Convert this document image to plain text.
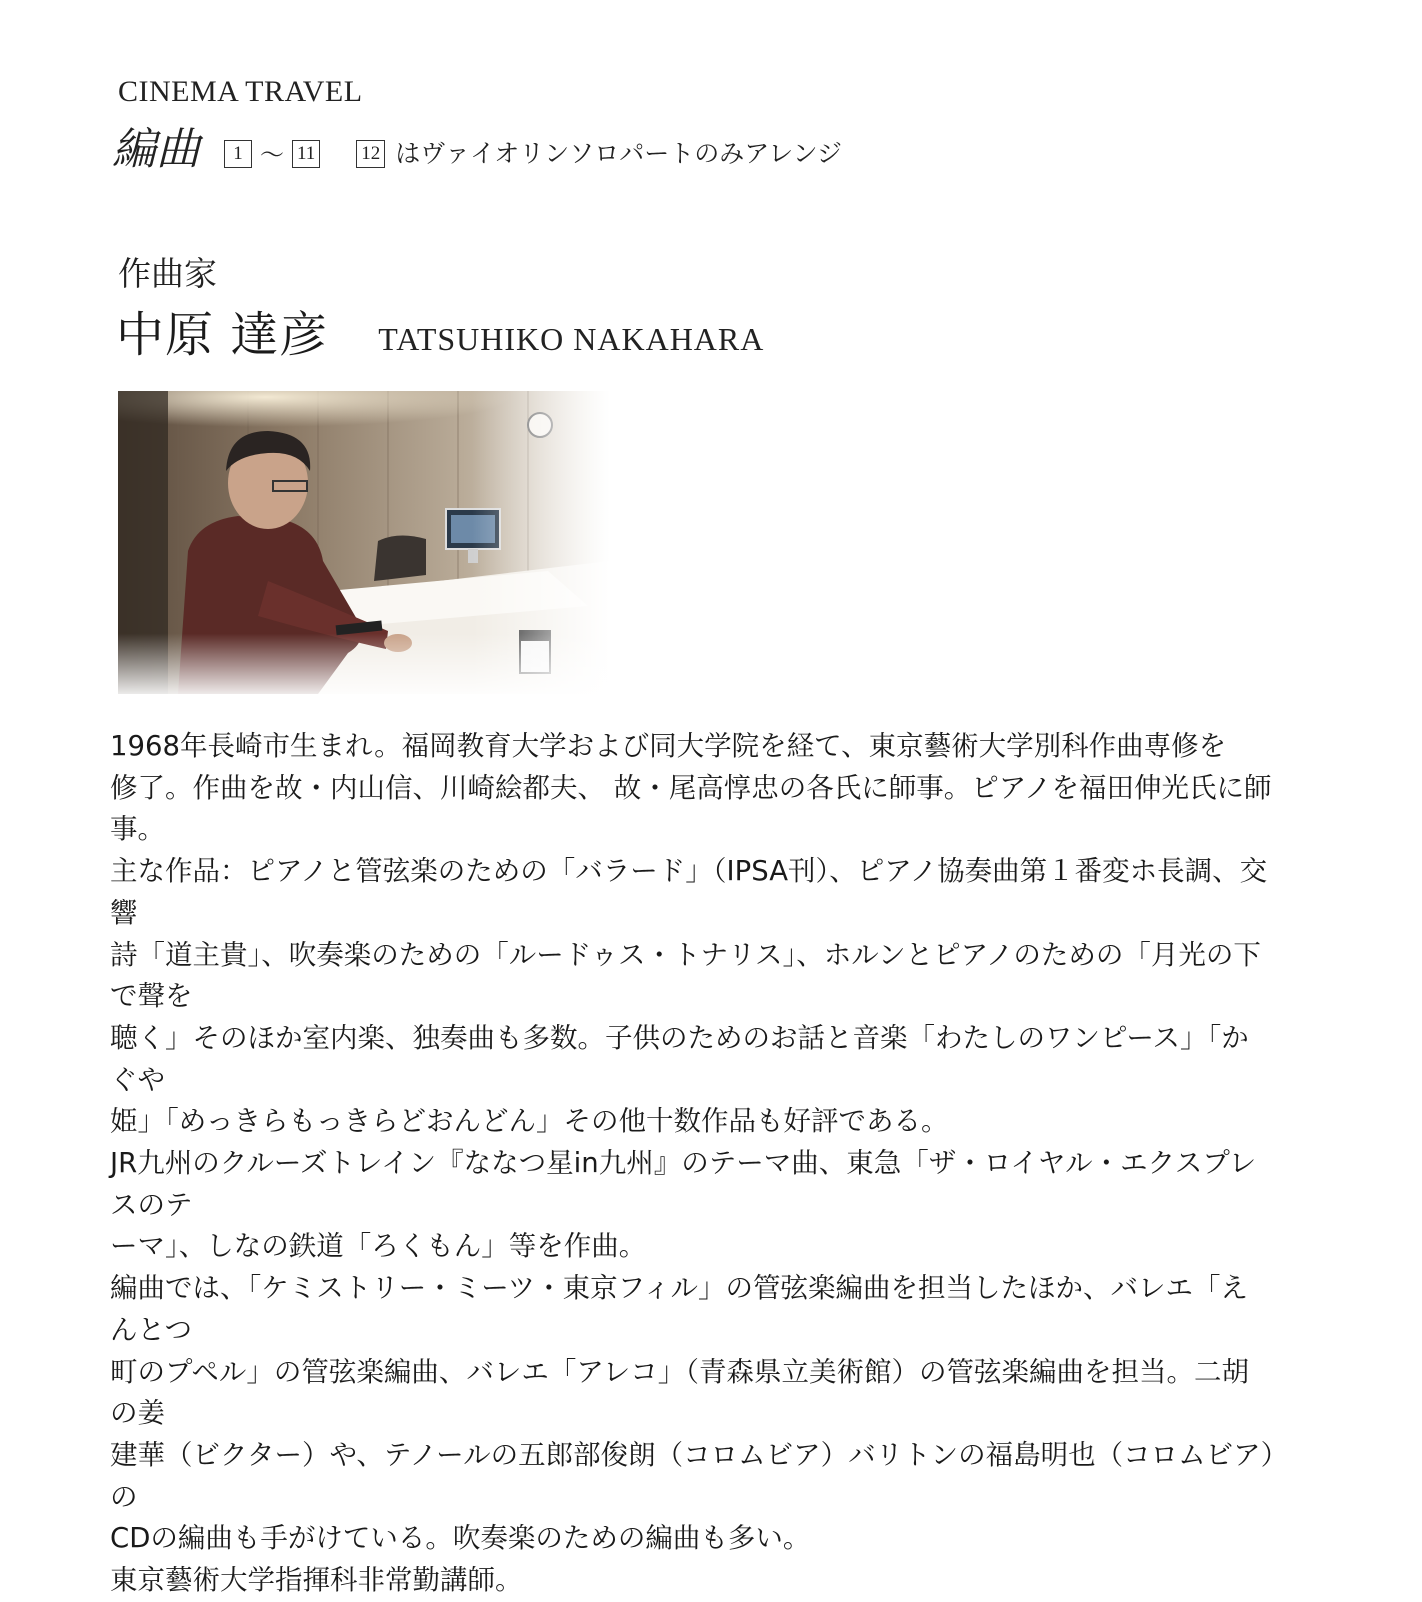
CINEMA TRAVEL
編曲	1 〜 11 12 はヴァイオリンソロパートのみアレンジ
作曲家
中原 達彦 TATSUHIKO NAKAHARA

1968年長崎市生まれ。福岡教育大学および同大学院を経て、東京藝術大学別科作曲専修を
修了。作曲を故・内山信、川崎絵都夫、 故・尾高惇忠の各氏に師事。ピアノを福田伸光氏に師
事。

主な作品：ピアノと管弦楽のための「バラード」（IPSA刊）、ピアノ協奏曲第１番変ホ長調、交響
詩「道主貴」、吹奏楽のための「ルードゥス・トナリス」、ホルンとピアノのための「月光の下で聲を
聴く」そのほか室内楽、独奏曲も多数。子供のためのお話と音楽「わたしのワンピース」「かぐや
姫」「めっきらもっきらどおんどん」その他十数作品も好評である。

JR九州のクルーズトレイン『ななつ星in九州』のテーマ曲、東急「ザ・ロイヤル・エクスプレスのテ
ーマ」、しなの鉄道「ろくもん」等を作曲。

編曲では、「ケミストリー・ミーツ・東京フィル」の管弦楽編曲を担当したほか、バレエ「えんとつ
町のプペル」の管弦楽編曲、バレエ「アレコ」（青森県立美術館）の管弦楽編曲を担当。二胡の姜
建華（ビクター）や、テノールの五郎部俊朗（コロムビア）バリトンの福島明也（コロムビア）の
CDの編曲も手がけている。吹奏楽のための編曲も多い。

東京藝術大学指揮科非常勤講師。
